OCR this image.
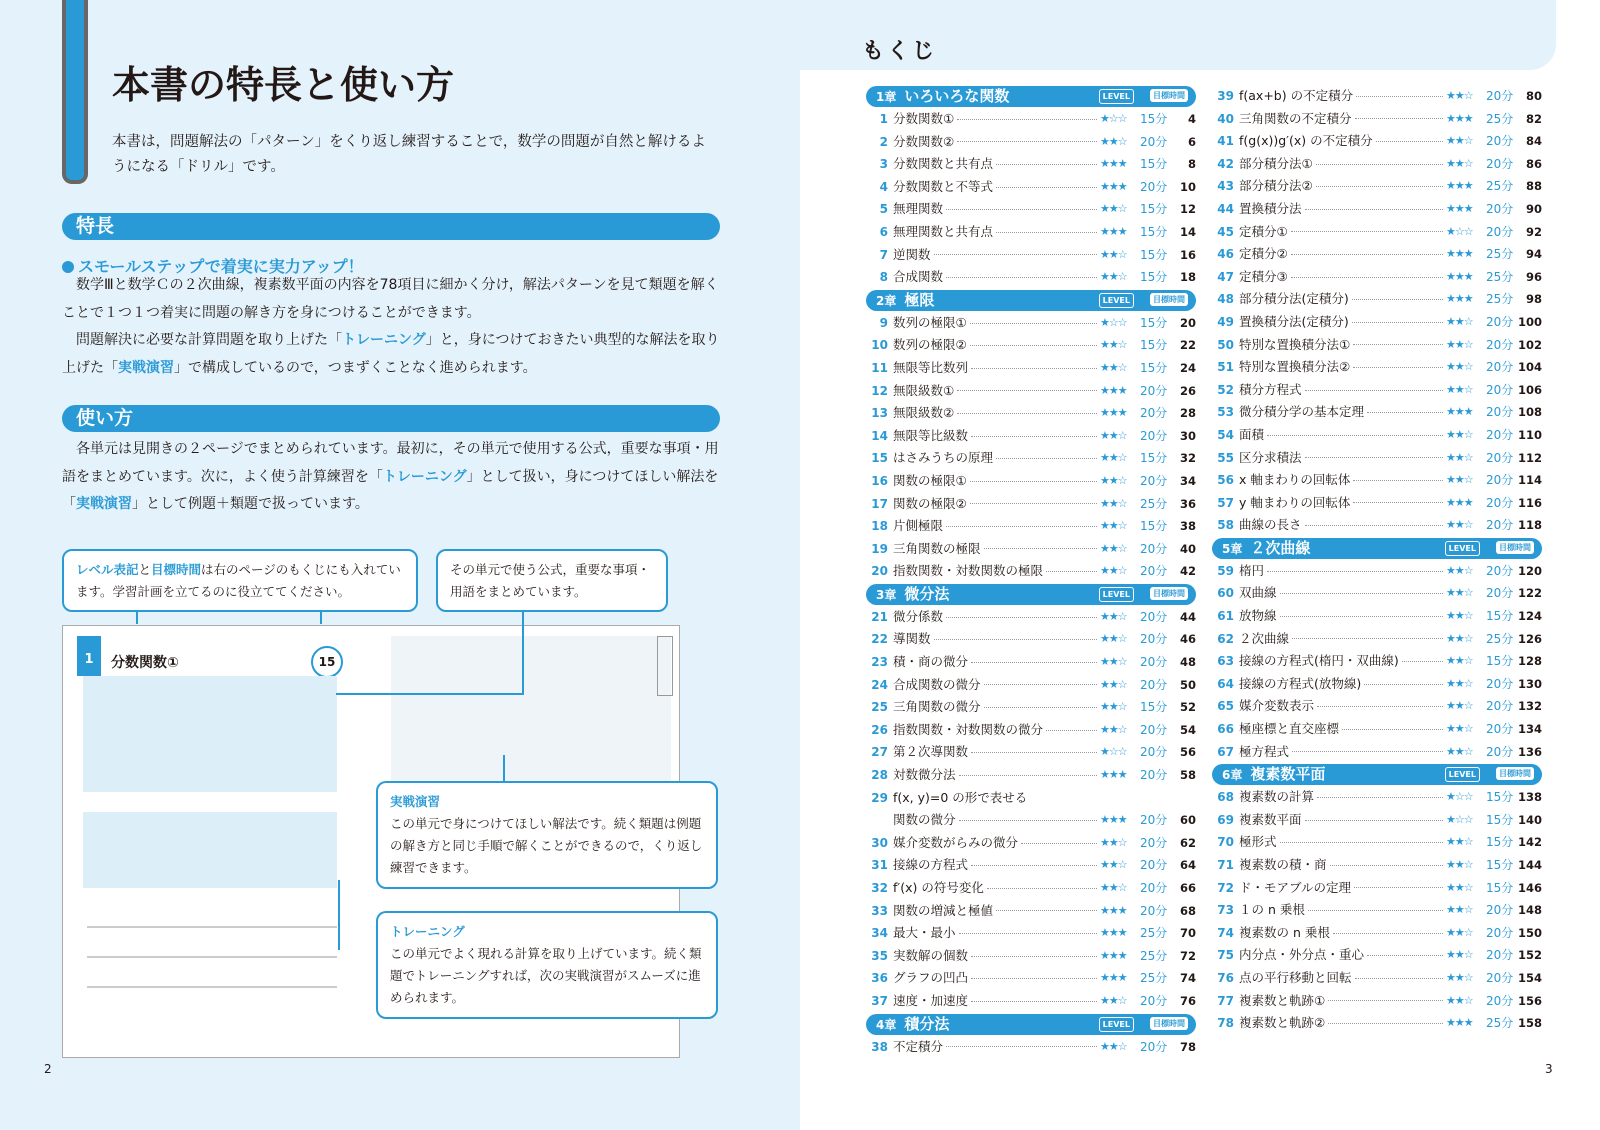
本書の特長と使い方
本書は，問題解法の「パターン」をくり返し練習することで，数学の問題が自然と解けるようになる「ドリル」です。
特長
スモールステップで着実に実力アップ！
数学Ⅲと数学Ｃの２次曲線，複素数平面の内容を78項目に細かく分け，解法パターンを見て類題を解くことで１つ１つ着実に問題の解き方を身につけることができます。
問題解決に必要な計算問題を取り上げた「トレーニング」と，身につけておきたい典型的な解法を取り上げた「実戦演習」で構成しているので，つまずくことなく進められます。
使い方
各単元は見開きの２ページでまとめられています。最初に，その単元で使用する公式，重要な事項・用語をまとめています。次に，よく使う計算練習を「トレーニング」として扱い，身につけてほしい解法を「実戦演習」として例題＋類題で扱っています。
1	分数関数①	15
レベル表記と目標時間は右のページのもくじにも入れています。学習計画を立てるのに役立ててください。
その単元で使う公式，重要な事項・用語をまとめています。
実戦演習
この単元で身につけてほしい解法です。続く類題は例題の解き方と同じ手順で解くことができるので，くり返し練習できます。
トレーニング
この単元でよく現れる計算を取り上げています。続く類題でトレーニングすれば，次の実戦演習がスムーズに進められます。
2	3
もくじ
1章 いろいろな関数	LEVEL	目標時間
1 分数関数①	★☆☆	15分	4
2 分数関数②	★★☆	20分	6
3 分数関数と共有点	★★★	15分	8
4 分数関数と不等式	★★★	20分	10
5 無理関数	★★☆	15分	12
6 無理関数と共有点	★★★	15分	14
7 逆関数	★★☆	15分	16
8 合成関数	★★☆	15分	18
2章 極限	LEVEL	目標時間
9 数列の極限①	★☆☆	15分	20
10 数列の極限②	★★☆	15分	22
11 無限等比数列	★★☆	15分	24
12 無限級数①	★★★	20分	26
13 無限級数②	★★★	20分	28
14 無限等比級数	★★☆	20分	30
15 はさみうちの原理	★★☆	15分	32
16 関数の極限①	★★☆	20分	34
17 関数の極限②	★★☆	25分	36
18 片側極限	★★☆	15分	38
19 三角関数の極限	★★☆	20分	40
20 指数関数・対数関数の極限	★★☆	20分	42
3章 微分法	LEVEL	目標時間
21 微分係数	★★☆	20分	44
22 導関数	★★☆	20分	46
23 積・商の微分	★★☆	20分	48
24 合成関数の微分	★★☆	20分	50
25 三角関数の微分	★★☆	15分	52
26 指数関数・対数関数の微分	★★☆	20分	54
27 第２次導関数	★☆☆	20分	56
28 対数微分法	★★★	20分	58
29 f(x, y)=0 の形で表せる
関数の微分	★★★	20分	60
30 媒介変数がらみの微分	★★☆	20分	62
31 接線の方程式	★★☆	20分	64
32 f′(x) の符号変化	★★☆	20分	66
33 関数の増減と極値	★★★	20分	68
34 最大・最小	★★★	25分	70
35 実数解の個数	★★★	25分	72
36 グラフの凹凸	★★★	25分	74
37 速度・加速度	★★☆	20分	76
4章 積分法	LEVEL	目標時間
38 不定積分	★★☆	20分	78
39 f(ax+b) の不定積分	★★☆	20分	80
40 三角関数の不定積分	★★★	25分	82
41 f(g(x))g′(x) の不定積分	★★☆	20分	84
42 部分積分法①	★★☆	20分	86
43 部分積分法②	★★★	25分	88
44 置換積分法	★★★	20分	90
45 定積分①	★☆☆	20分	92
46 定積分②	★★★	25分	94
47 定積分③	★★★	25分	96
48 部分積分法(定積分)	★★★	25分	98
49 置換積分法(定積分)	★★☆	20分 100
50 特別な置換積分法①	★★☆	20分 102
51 特別な置換積分法②	★★☆	20分 104
52 積分方程式	★★☆	20分 106
53 微分積分学の基本定理	★★★	20分 108
54 面積	★★☆	20分 110
55 区分求積法	★★☆	20分 112
56 x 軸まわりの回転体	★★☆	20分 114
57 y 軸まわりの回転体	★★★	20分 116
58 曲線の長さ	★★☆	20分 118
5章 ２次曲線	LEVEL	目標時間
59 楕円	★★☆	20分 120
60 双曲線	★★☆	20分 122
61 放物線	★★☆	15分 124
62 ２次曲線	★★☆	25分 126
63 接線の方程式(楕円・双曲線)	★★☆	15分 128
64 接線の方程式(放物線)	★★☆	20分 130
65 媒介変数表示	★★☆	20分 132
66 極座標と直交座標	★★☆	20分 134
67 極方程式	★★☆	20分 136
6章 複素数平面	LEVEL	目標時間
68 複素数の計算	★☆☆	15分 138
69 複素数平面	★☆☆	15分 140
70 極形式	★★☆	15分 142
71 複素数の積・商	★★☆	15分 144
72 ド・モアブルの定理	★★☆	15分 146
73 １の n 乗根	★★☆	20分 148
74 複素数の n 乗根	★★☆	20分 150
75 内分点・外分点・重心	★★☆	20分 152
76 点の平行移動と回転	★★☆	20分 154
77 複素数と軌跡①	★★☆	20分 156
78 複素数と軌跡②	★★★	25分 158
